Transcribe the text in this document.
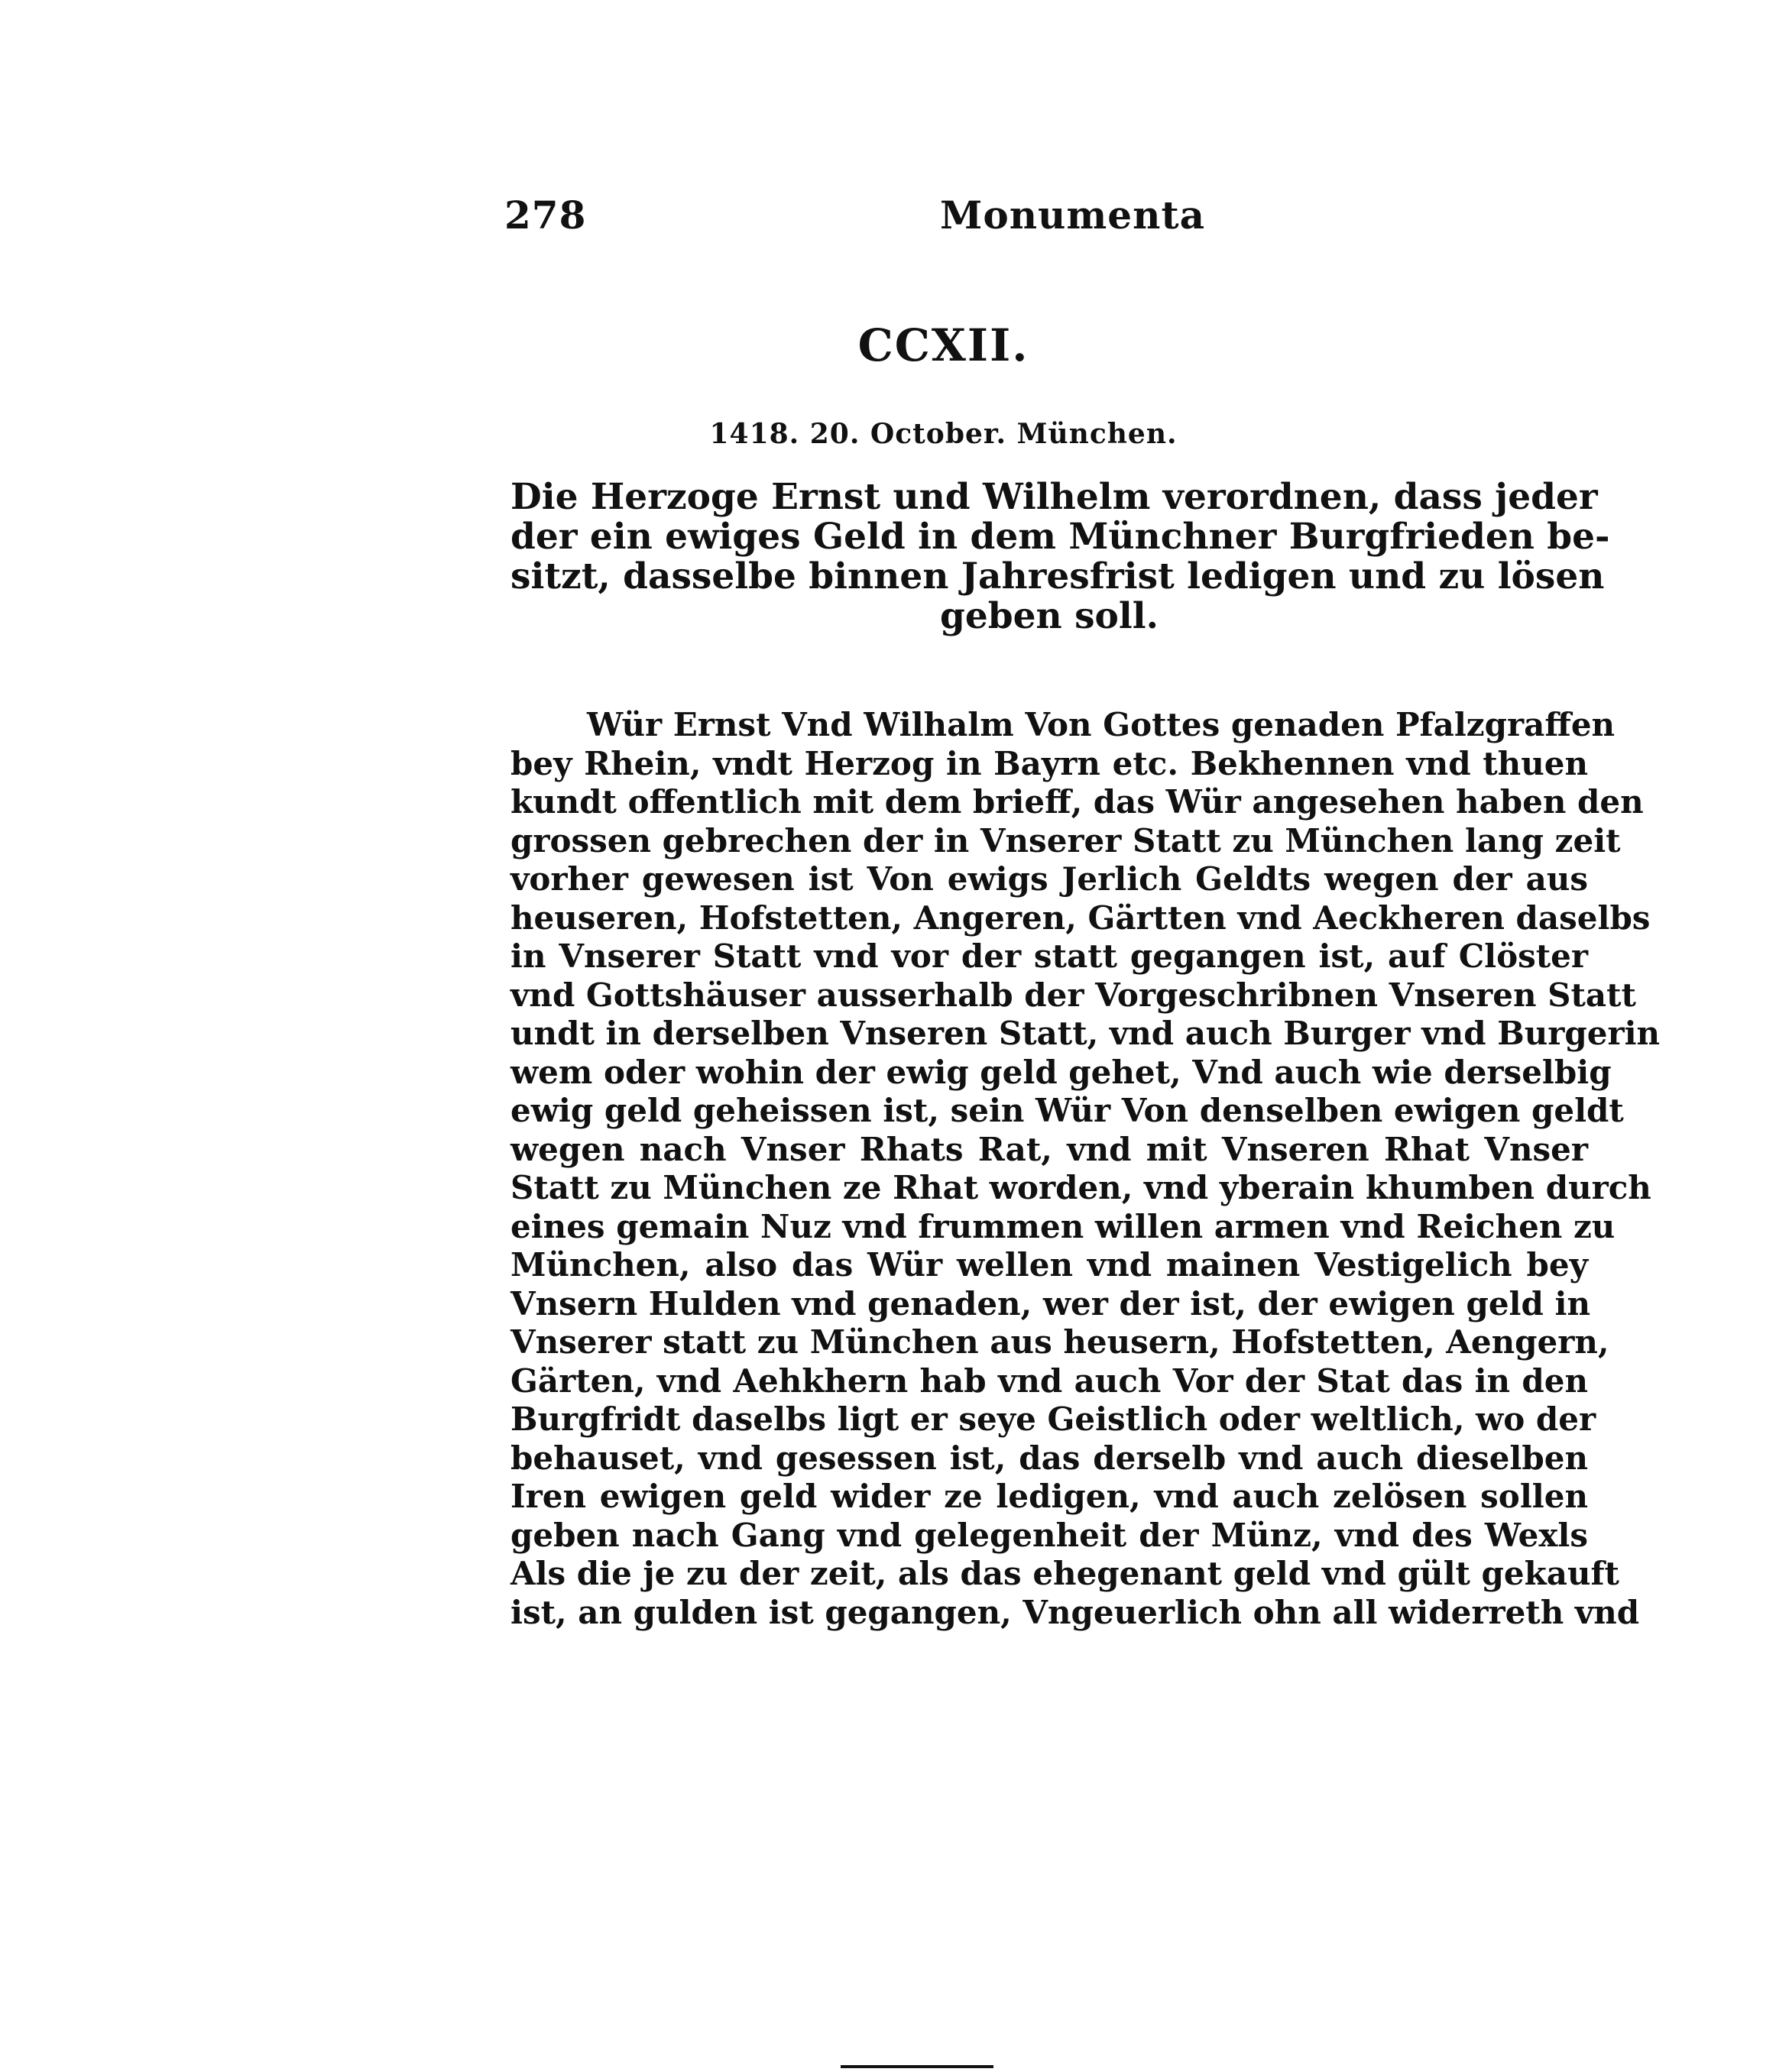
278	Monumenta
CCXII.
1418. 20. October. München.
Die Herzoge Ernst und Wilhelm verordnen, dass jeder
der ein ewiges Geld in dem Münchner Burgfrieden be-
sitzt, dasselbe binnen Jahresfrist ledigen und zu lösen
geben soll.
Wür Ernst Vnd Wilhalm Von Gottes genaden Pfalzgraffen
bey Rhein, vndt Herzog in Bayrn etc. Bekhennen vnd thuen
kundt offentlich mit dem brieff, das Wür angesehen haben den
grossen gebrechen der in Vnserer Statt zu München lang zeit
vorher gewesen ist Von ewigs Jerlich Geldts wegen der aus
heuseren, Hofstetten, Angeren, Gärtten vnd Aeckheren daselbs
in Vnserer Statt vnd vor der statt gegangen ist, auf Clöster
vnd Gottshäuser ausserhalb der Vorgeschribnen Vnseren Statt
undt in derselben Vnseren Statt, vnd auch Burger vnd Burgerin
wem oder wohin der ewig geld gehet, Vnd auch wie derselbig
ewig geld geheissen ist, sein Wür Von denselben ewigen geldt
wegen nach Vnser Rhats Rat, vnd mit Vnseren Rhat Vnser
Statt zu München ze Rhat worden, vnd yberain khumben durch
eines gemain Nuz vnd frummen willen armen vnd Reichen zu
München, also das Wür wellen vnd mainen Vestigelich bey
Vnsern Hulden vnd genaden, wer der ist, der ewigen geld in
Vnserer statt zu München aus heusern, Hofstetten, Aengern,
Gärten, vnd Aehkhern hab vnd auch Vor der Stat das in den
Burgfridt daselbs ligt er seye Geistlich oder weltlich, wo der
behauset, vnd gesessen ist, das derselb vnd auch dieselben
Iren ewigen geld wider ze ledigen, vnd auch zelösen sollen
geben nach Gang vnd gelegenheit der Münz, vnd des Wexls
Als die je zu der zeit, als das ehegenant geld vnd gült gekauft
ist, an gulden ist gegangen, Vngeuerlich ohn all widerreth vnd
